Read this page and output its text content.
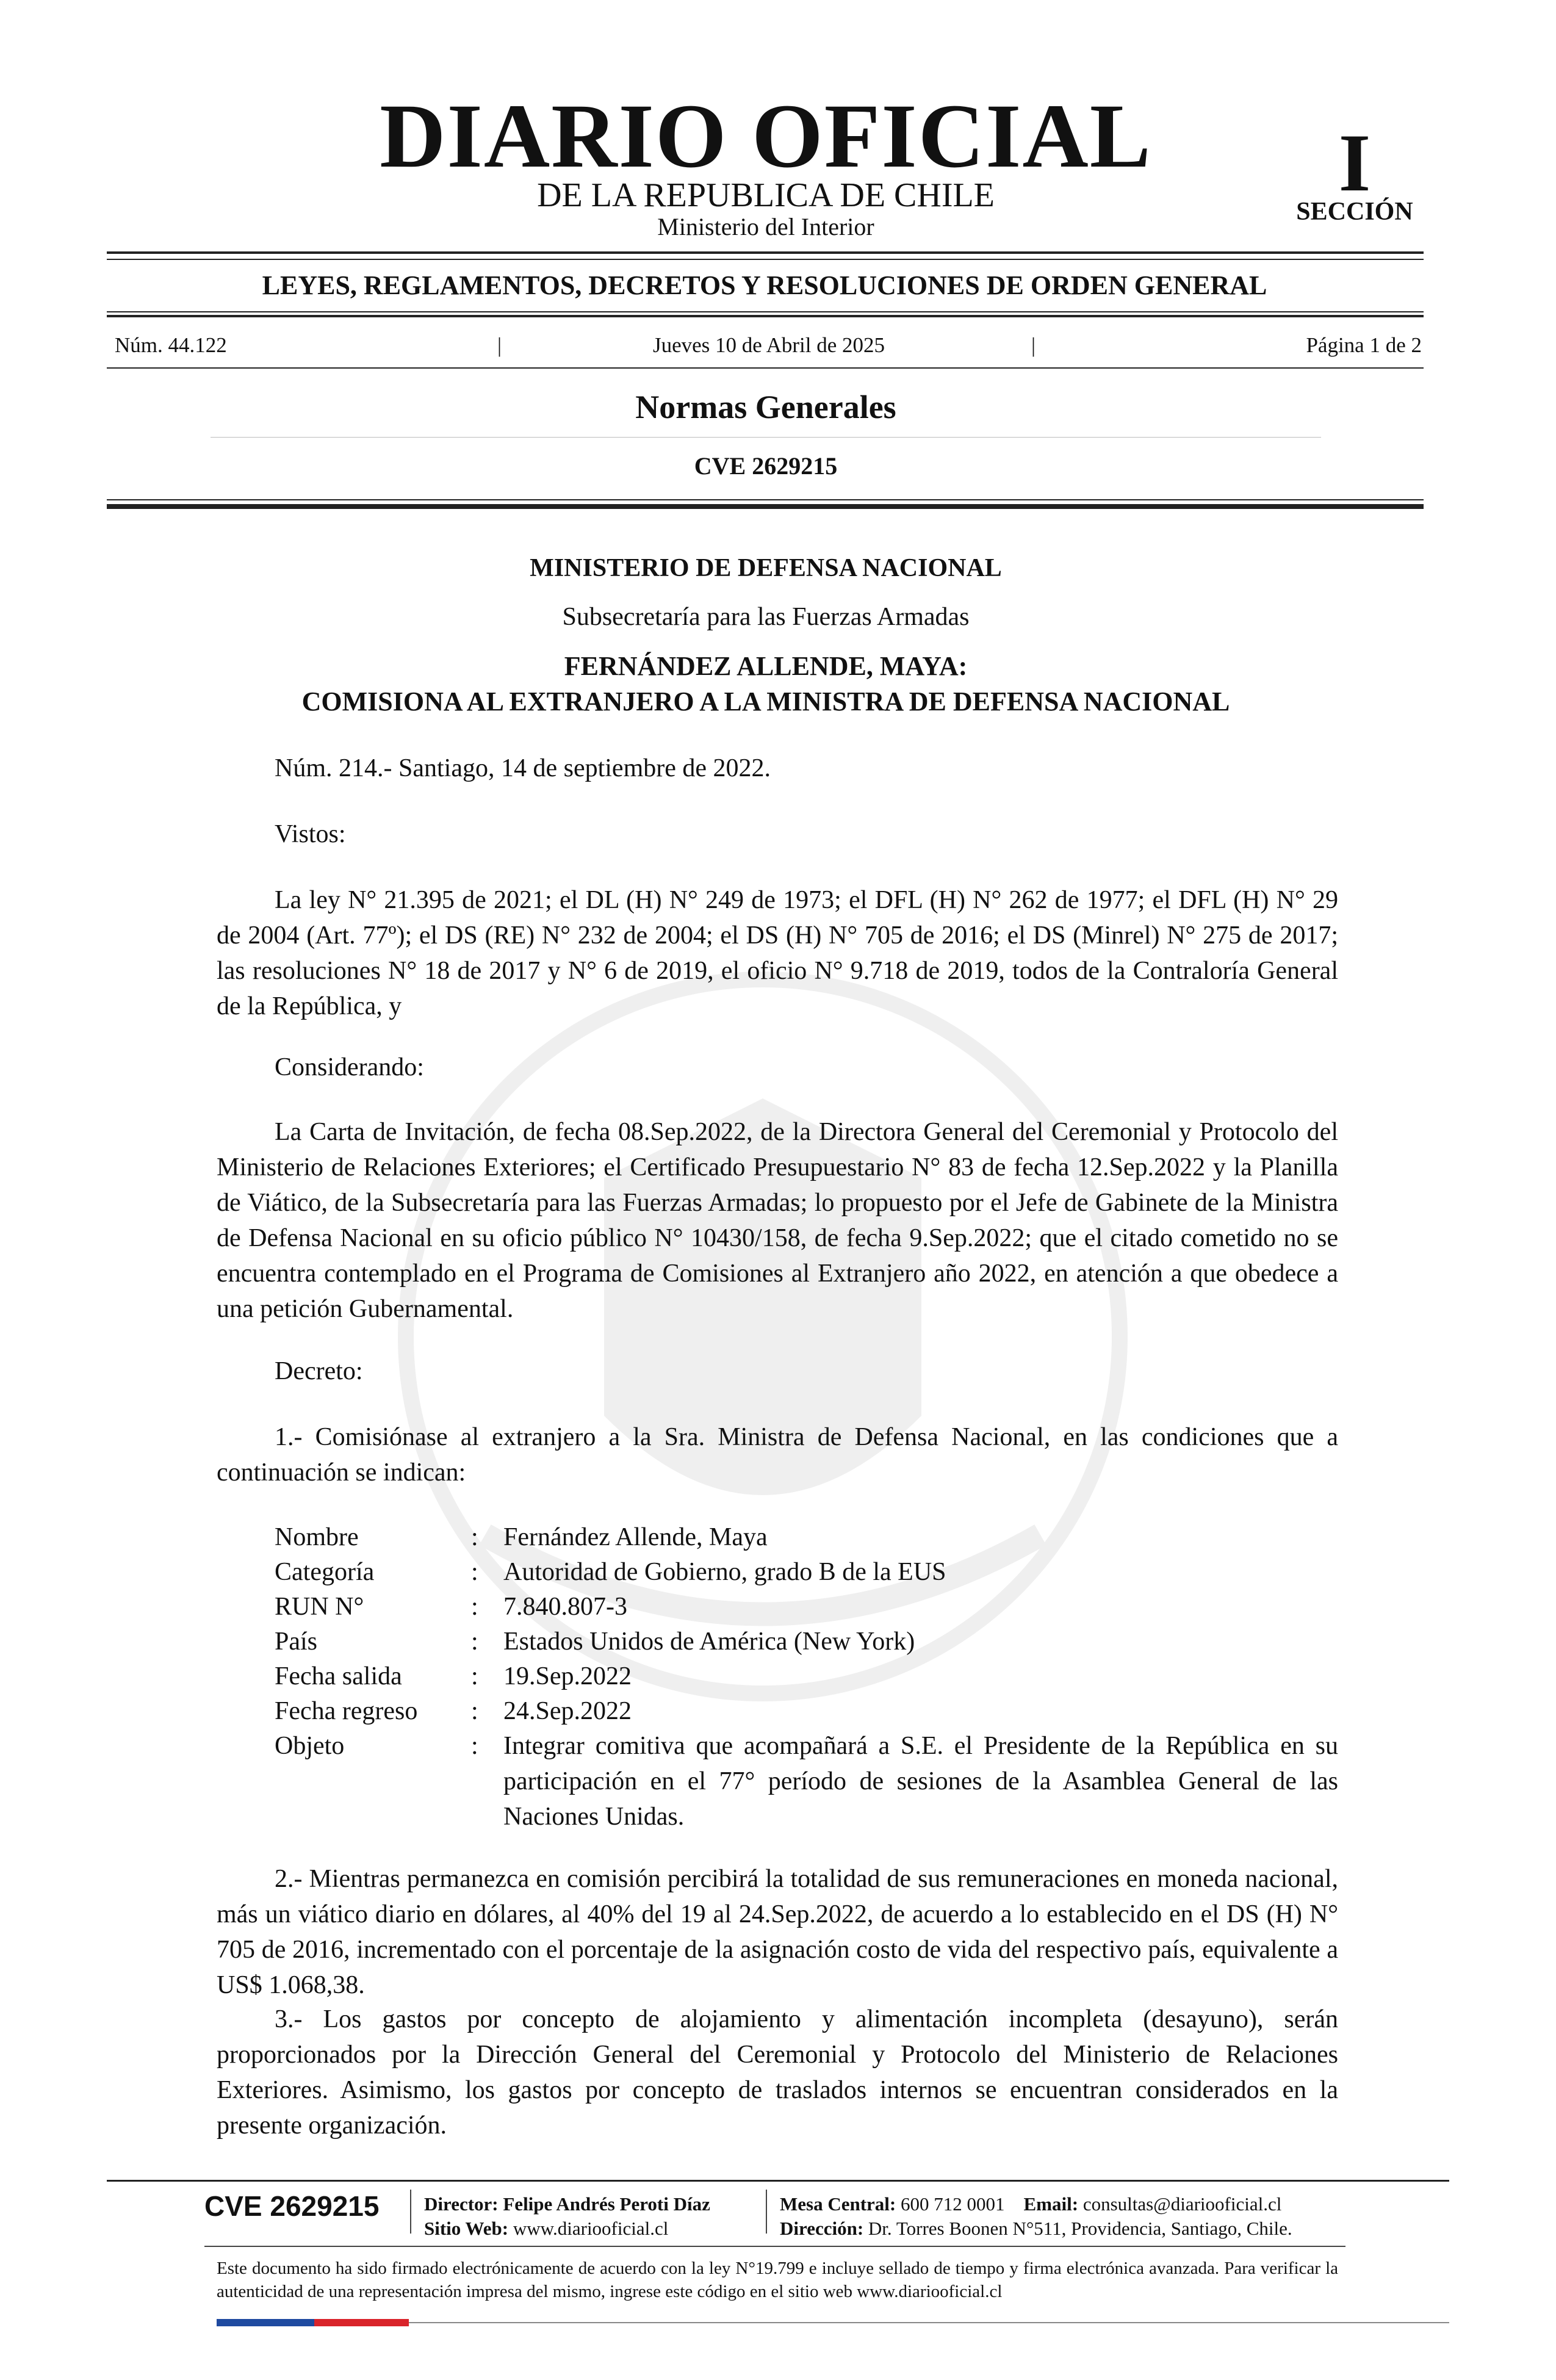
DIARIO OFICIAL
DE LA REPUBLICA DE CHILE
Ministerio del Interior
I
SECCIÓN
LEYES, REGLAMENTOS, DECRETOS Y RESOLUCIONES DE ORDEN GENERAL
Núm. 44.122	|	Jueves 10 de Abril de 2025	|	Página 1 de 2
Normas Generales
CVE 2629215
MINISTERIO DE DEFENSA NACIONAL
Subsecretaría para las Fuerzas Armadas
FERNÁNDEZ ALLENDE, MAYA:
COMISIONA AL EXTRANJERO A LA MINISTRA DE DEFENSA NACIONAL
Núm. 214.- Santiago, 14 de septiembre de 2022.
Vistos:
La ley N° 21.395 de 2021; el DL (H) N° 249 de 1973; el DFL (H) N° 262 de 1977; el DFL (H) N° 29 de 2004 (Art. 77º); el DS (RE) N° 232 de 2004; el DS (H) N° 705 de 2016; el DS (Minrel) N° 275 de 2017; las resoluciones N° 18 de 2017 y N° 6 de 2019, el oficio N° 9.718 de 2019, todos de la Contraloría General de la República, y
Considerando:
La Carta de Invitación, de fecha 08.Sep.2022, de la Directora General del Ceremonial y Protocolo del Ministerio de Relaciones Exteriores; el Certificado Presupuestario N° 83 de fecha 12.Sep.2022 y la Planilla de Viático, de la Subsecretaría para las Fuerzas Armadas; lo propuesto por el Jefe de Gabinete de la Ministra de Defensa Nacional en su oficio público N° 10430/158, de fecha 9.Sep.2022; que el citado cometido no se encuentra contemplado en el Programa de Comisiones al Extranjero año 2022, en atención a que obedece a una petición Gubernamental.
Decreto:
1.- Comisiónase al extranjero a la Sra. Ministra de Defensa Nacional, en las condiciones que a continuación se indican:
Nombre	: Fernández Allende, Maya
Categoría	: Autoridad de Gobierno, grado B de la EUS
RUN N°	: 7.840.807-3
País	: Estados Unidos de América (New York)
Fecha salida	: 19.Sep.2022
Fecha regreso : 24.Sep.2022
Objeto	: Integrar comitiva que acompañará a S.E. el Presidente de la República en su participación en el 77° período de sesiones de la Asamblea General de las Naciones Unidas.
2.- Mientras permanezca en comisión percibirá la totalidad de sus remuneraciones en moneda nacional, más un viático diario en dólares, al 40% del 19 al 24.Sep.2022, de acuerdo a lo establecido en el DS (H) N° 705 de 2016, incrementado con el porcentaje de la asignación costo de vida del respectivo país, equivalente a US$ 1.068,38.
3.- Los gastos por concepto de alojamiento y alimentación incompleta (desayuno), serán proporcionados por la Dirección General del Ceremonial y Protocolo del Ministerio de Relaciones Exteriores. Asimismo, los gastos por concepto de traslados internos se encuentran considerados en la presente organización.
CVE 2629215 Director: Felipe Andrés Peroti Díaz
Sitio Web: www.diariooficial.cl
Mesa Central: 600 712 0001 Email: consultas@diariooficial.cl
Dirección: Dr. Torres Boonen N°511, Providencia, Santiago, Chile.
Este documento ha sido firmado electrónicamente de acuerdo con la ley N°19.799 e incluye sellado de tiempo y firma electrónica avanzada. Para verificar la autenticidad de una representación impresa del mismo, ingrese este código en el sitio web www.diariooficial.cl
